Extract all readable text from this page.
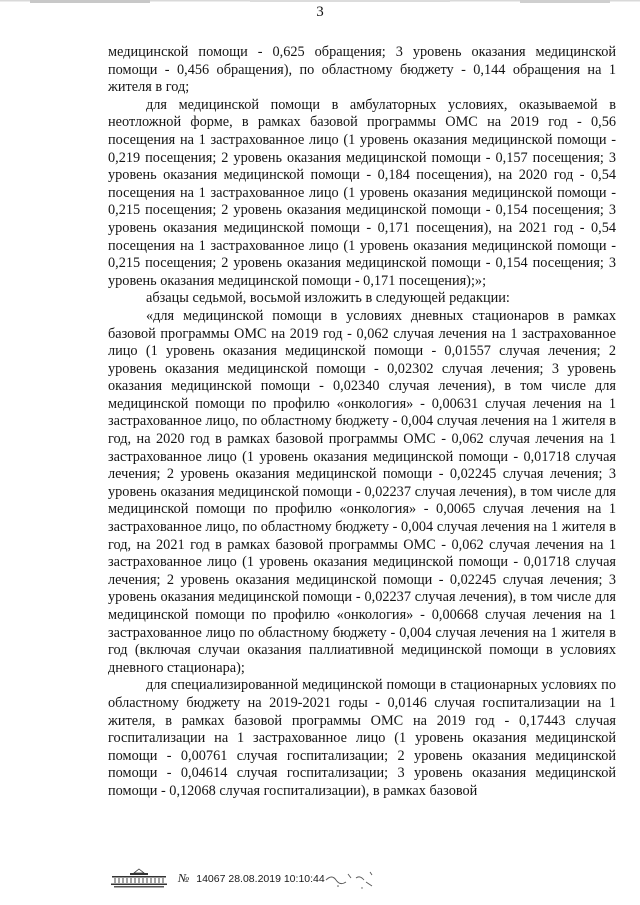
3

медицинской помощи - 0,625 обращения; 3 уровень оказания медицинской помощи - 0,456 обращения), по областному бюджету - 0,144 обращения на 1 жителя в год;

для медицинской помощи в амбулаторных условиях, оказываемой в неотложной форме, в рамках базовой программы ОМС на 2019 год - 0,56 посещения на 1 застрахованное лицо (1 уровень оказания медицинской помощи - 0,219 посещения; 2 уровень оказания медицинской помощи - 0,157 посещения; 3 уровень оказания медицинской помощи - 0,184 посещения), на 2020 год - 0,54 посещения на 1 застрахованное лицо (1 уровень оказания медицинской помощи - 0,215 посещения; 2 уровень оказания медицинской помощи - 0,154 посещения; 3 уровень оказания медицинской помощи - 0,171 посещения), на 2021 год - 0,54 посещения на 1 застрахованное лицо (1 уровень оказания медицинской помощи - 0,215 посещения; 2 уровень оказания медицинской помощи - 0,154 посещения; 3 уровень оказания медицинской помощи - 0,171 посещения);»;

абзацы седьмой, восьмой изложить в следующей редакции:

«для медицинской помощи в условиях дневных стационаров в рамках базовой программы ОМС на 2019 год - 0,062 случая лечения на 1 застрахованное лицо (1 уровень оказания медицинской помощи - 0,01557 случая лечения; 2 уровень оказания медицинской помощи - 0,02302 случая лечения; 3 уровень оказания медицинской помощи - 0,02340 случая лечения), в том числе для медицинской помощи по профилю «онкология» - 0,00631 случая лечения на 1 застрахованное лицо, по областному бюджету - 0,004 случая лечения на 1 жителя в год, на 2020 год в рамках базовой программы ОМС - 0,062 случая лечения на 1 застрахованное лицо (1 уровень оказания медицинской помощи - 0,01718 случая лечения; 2 уровень оказания медицинской помощи - 0,02245 случая лечения; 3 уровень оказания медицинской помощи - 0,02237 случая лечения), в том числе для медицинской помощи по профилю «онкология» - 0,0065 случая лечения на 1 застрахованное лицо, по областному бюджету - 0,004 случая лечения на 1 жителя в год, на 2021 год в рамках базовой программы ОМС - 0,062 случая лечения на 1 застрахованное лицо (1 уровень оказания медицинской помощи - 0,01718 случая лечения; 2 уровень оказания медицинской помощи - 0,02245 случая лечения; 3 уровень оказания медицинской помощи - 0,02237 случая лечения), в том числе для медицинской помощи по профилю «онкология» - 0,00668 случая лечения на 1 застрахованное лицо по областному бюджету - 0,004 случая лечения на 1 жителя в год (включая случаи оказания паллиативной медицинской помощи в условиях дневного стационара);

для специализированной медицинской помощи в стационарных условиях по областному бюджету на 2019-2021 годы - 0,0146 случая госпитализации на 1 жителя, в рамках базовой программы ОМС на 2019 год - 0,17443 случая госпитализации на 1 застрахованное лицо (1 уровень оказания медицинской помощи - 0,00761 случая госпитализации; 2 уровень оказания медицинской помощи - 0,04614 случая госпитализации; 3 уровень оказания медицинской помощи - 0,12068 случая госпитализации), в рамках базовой

№ 14067 28.08.2019 10:10:44
